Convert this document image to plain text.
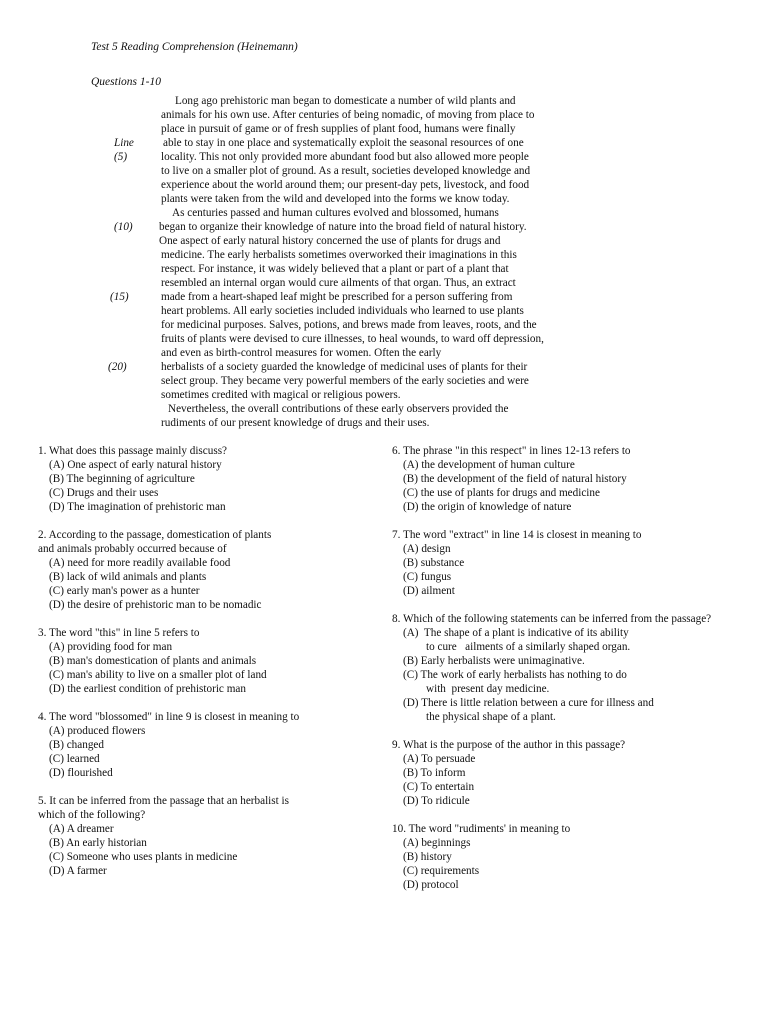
Test 5 Reading Comprehension (Heinemann)
Questions 1-10
Long ago prehistoric man began to domesticate a number of wild plants and
animals for his own use. After centuries of being nomadic, of moving from place to
place in pursuit of game or of fresh supplies of plant food, humans were finally
able to stay in one place and systematically exploit the seasonal resources of one
locality. This not only provided more abundant food but also allowed more people
to live on a smaller plot of ground. As a result, societies developed knowledge and
experience about the world around them; our present-day pets, livestock, and food
plants were taken from the wild and developed into the forms we know today.
As centuries passed and human cultures evolved and blossomed, humans
began to organize their knowledge of nature into the broad field of natural history.
One aspect of early natural history concerned the use of plants for drugs and
medicine. The early herbalists sometimes overworked their imaginations in this
respect. For instance, it was widely believed that a plant or part of a plant that
resembled an internal organ would cure ailments of that organ. Thus, an extract
made from a heart-shaped leaf might be prescribed for a person suffering from
heart problems. All early societies included individuals who learned to use plants
for medicinal purposes. Salves, potions, and brews made from leaves, roots, and the
fruits of plants were devised to cure illnesses, to heal wounds, to ward off depression,
and even as birth-control measures for women. Often the early
herbalists of a society guarded the knowledge of medicinal uses of plants for their
select group. They became very powerful members of the early societies and were
sometimes credited with magical or religious powers.
Nevertheless, the overall contributions of these early observers provided the
rudiments of our present knowledge of drugs and their uses.
Line
(5)
(10)
(15)
(20)
1. What does this passage mainly discuss?
(A) One aspect of early natural history
(B) The beginning of agriculture
(C) Drugs and their uses
(D) The imagination of prehistoric man
2. According to the passage, domestication of plants
and animals probably occurred because of
(A) need for more readily available food
(B) lack of wild animals and plants
(C) early man's power as a hunter
(D) the desire of prehistoric man to be nomadic
3. The word "this" in line 5 refers to
(A) providing food for man
(B) man's domestication of plants and animals
(C) man's ability to live on a smaller plot of land
(D) the earliest condition of prehistoric man
4. The word "blossomed" in line 9 is closest in meaning to
(A) produced flowers
(B) changed
(C) learned
(D) flourished
5. It can be inferred from the passage that an herbalist is
which of the following?
(A) A dreamer
(B) An early historian
(C) Someone who uses plants in medicine
(D) A farmer
6. The phrase "in this respect" in lines 12-13 refers to
(A) the development of human culture
(B) the development of the field of natural history
(C) the use of plants for drugs and medicine
(D) the origin of knowledge of nature
7. The word "extract" in line 14 is closest in meaning to
(A) design
(B) substance
(C) fungus
(D) ailment
8. Which of the following statements can be inferred from the passage?
(A)  The shape of a plant is indicative of its ability
to cure   ailments of a similarly shaped organ.
(B) Early herbalists were unimaginative.
(C) The work of early herbalists has nothing to do
with  present day medicine.
(D) There is little relation between a cure for illness and
the physical shape of a plant.
9. What is the purpose of the author in this passage?
(A) To persuade
(B) To inform
(C) To entertain
(D) To ridicule
10. The word "rudiments' in meaning to
(A) beginnings
(B) history
(C) requirements
(D) protocol
